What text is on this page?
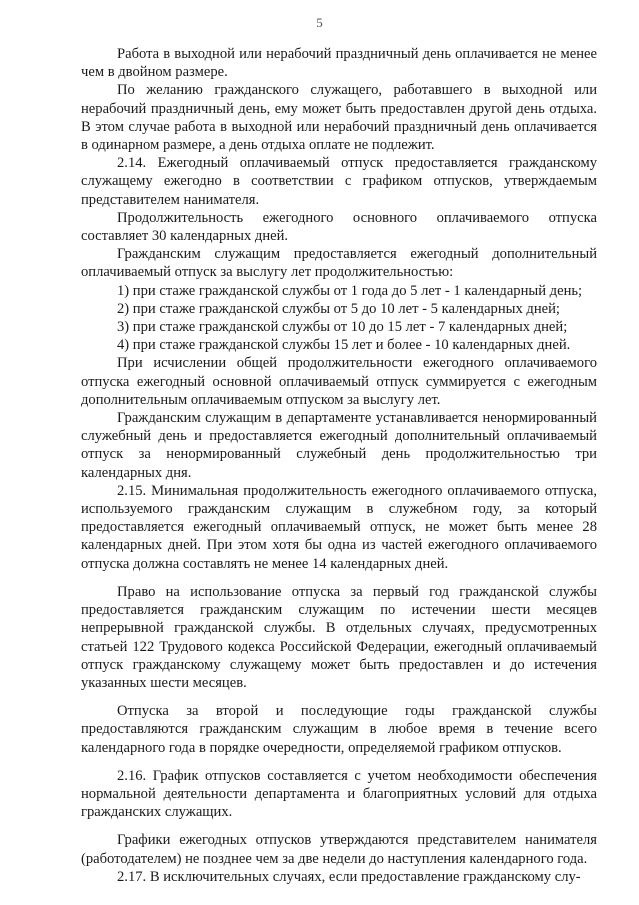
5

Работа в выходной или нерабочий праздничный день оплачивается не менее чем в двойном размере.

По желанию гражданского служащего, работавшего в выходной или нерабочий праздничный день, ему может быть предоставлен другой день отдыха. В этом случае работа в выходной или нерабочий праздничный день оплачивается в одинарном размере, а день отдыха оплате не подлежит.

2.14. Ежегодный оплачиваемый отпуск предоставляется гражданскому служащему ежегодно в соответствии с графиком отпусков, утверждаемым представителем нанимателя.

Продолжительность ежегодного основного оплачиваемого отпуска составляет 30 календарных дней.

Гражданским служащим предоставляется ежегодный дополнительный оплачиваемый отпуск за выслугу лет продолжительностью:

1) при стаже гражданской службы от 1 года до 5 лет - 1 календарный день;

2) при стаже гражданской службы от 5 до 10 лет - 5 календарных дней;

3) при стаже гражданской службы от 10 до 15 лет - 7 календарных дней;

4) при стаже гражданской службы 15 лет и более - 10 календарных дней.

При исчислении общей продолжительности ежегодного оплачиваемого отпуска ежегодный основной оплачиваемый отпуск суммируется с ежегодным дополнительным оплачиваемым отпуском за выслугу лет.

Гражданским служащим в департаменте устанавливается ненормированный служебный день и предоставляется ежегодный дополнительный оплачиваемый отпуск за ненормированный служебный день продолжительностью три календарных дня.

2.15. Минимальная продолжительность ежегодного оплачиваемого отпуска, используемого гражданским служащим в служебном году, за который предоставляется ежегодный оплачиваемый отпуск, не может быть менее 28 календарных дней. При этом хотя бы одна из частей ежегодного оплачиваемого отпуска должна составлять не менее 14 календарных дней.

Право на использование отпуска за первый год гражданской службы предоставляется гражданским служащим по истечении шести месяцев непрерывной гражданской службы. В отдельных случаях, предусмотренных статьей 122 Трудового кодекса Российской Федерации, ежегодный оплачиваемый отпуск гражданскому служащему может быть предоставлен и до истечения указанных шести месяцев.

Отпуска за второй и последующие годы гражданской службы предоставляются гражданским служащим в любое время в течение всего календарного года в порядке очередности, определяемой графиком отпусков.

2.16. График отпусков составляется с учетом необходимости обеспечения нормальной деятельности департамента и благоприятных условий для отдыха гражданских служащих.

Графики ежегодных отпусков утверждаются представителем нанимателя (работодателем) не позднее чем за две недели до наступления календарного года.

2.17. В исключительных случаях, если предоставление гражданскому слу-
